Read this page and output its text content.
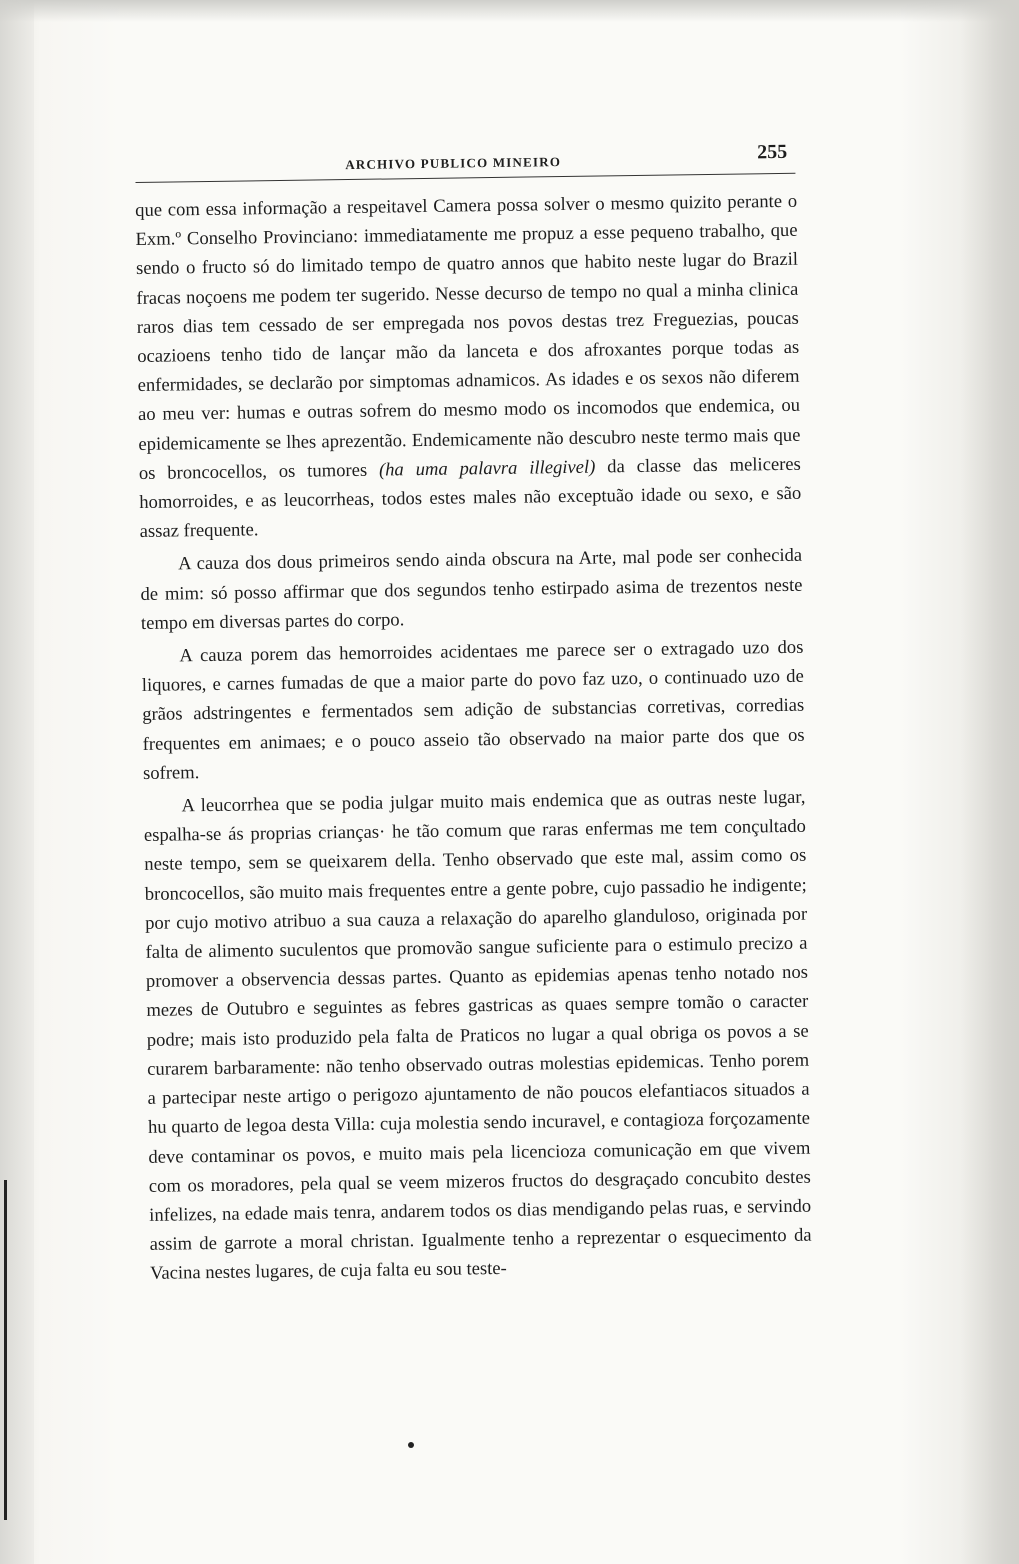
ARCHIVO PUBLICO MINEIRO	255

que com essa informação a respeitavel Camera possa solver o mesmo quizito perante o Exm.º Conselho Provinciano: immediatamente me propuz a esse pequeno trabalho, que sendo o fructo só do limitado tempo de quatro annos que habito neste lugar do Brazil fracas noçoens me podem ter sugerido. Nesse decurso de tempo no qual a minha clinica raros dias tem cessado de ser empregada nos povos destas trez Freguezias, poucas ocazioens tenho tido de lançar mão da lanceta e dos afroxantes porque todas as enfermidades, se declarão por simptomas adnamicos. As idades e os sexos não diferem ao meu ver: humas e outras sofrem do mesmo modo os incomodos que endemica, ou epidemicamente se lhes aprezentão. Endemicamente não descubro neste termo mais que os broncocellos, os tumores (ha uma palavra illegivel) da classe das meliceres homorroides, e as leucorrheas, todos estes males não exceptuão idade ou sexo, e são assaz frequente.

A cauza dos dous primeiros sendo ainda obscura na Arte, mal pode ser conhecida de mim: só posso affirmar que dos segundos tenho estirpado asima de trezentos neste tempo em diversas partes do corpo.

A cauza porem das hemorroides acidentaes me parece ser o extragado uzo dos liquores, e carnes fumadas de que a maior parte do povo faz uzo, o continuado uzo de grãos adstringentes e fermentados sem adição de substancias corretivas, corredias frequentes em animaes; e o pouco asseio tão observado na maior parte dos que os sofrem.

A leucorrhea que se podia julgar muito mais endemica que as outras neste lugar, espalha-se ás proprias crianças· he tão comum que raras enfermas me tem conçultado neste tempo, sem se queixarem della. Tenho observado que este mal, assim como os broncocellos, são muito mais frequentes entre a gente pobre, cujo passadio he indigente; por cujo motivo atribuo a sua cauza a relaxação do aparelho glanduloso, originada por falta de alimento suculentos que promovão sangue suficiente para o estimulo precizo a promover a observencia dessas partes. Quanto as epidemias apenas tenho notado nos mezes de Outubro e seguintes as febres gastricas as quaes sempre tomão o caracter podre; mais isto produzido pela falta de Praticos no lugar a qual obriga os povos a se curarem barbaramente: não tenho observado outras molestias epidemicas. Tenho porem a partecipar neste artigo o perigozo ajuntamento de não poucos elefantiacos situados a hu quarto de legoa desta Villa: cuja molestia sendo incuravel, e contagioza forçozamente deve contaminar os povos, e muito mais pela licencioza comunicação em que vivem com os moradores, pela qual se veem mizeros fructos do desgraçado concubito destes infelizes, na edade mais tenra, andarem todos os dias mendigando pelas ruas, e servindo assim de garrote a moral christan. Igualmente tenho a reprezentar o esquecimento da Vacina nestes lugares, de cuja falta eu sou teste-
